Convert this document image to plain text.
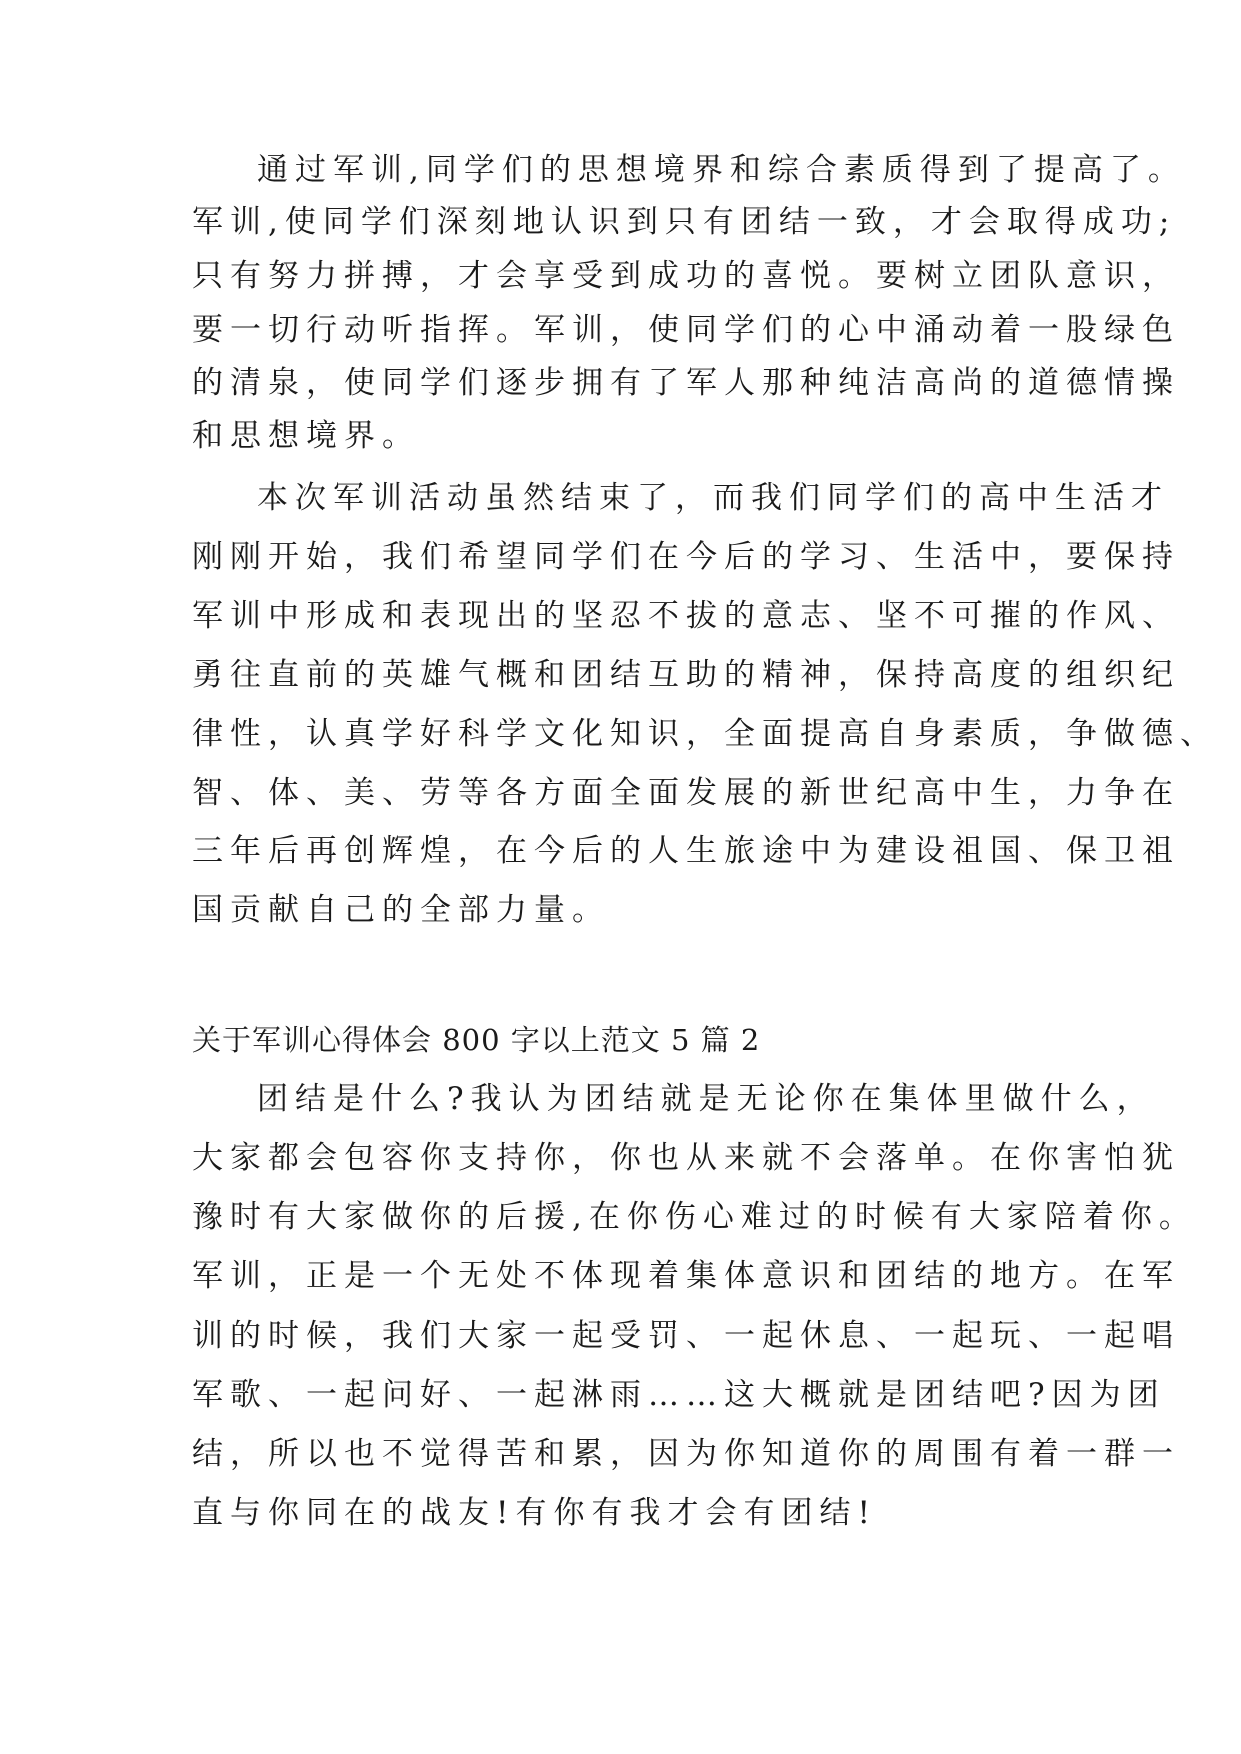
通过军训,同学们的思想境界和综合素质得到了提高了。
军训,使同学们深刻地认识到只有团结一致，才会取得成功;
只有努力拼搏，才会享受到成功的喜悦。要树立团队意识，
要一切行动听指挥。军训，使同学们的心中涌动着一股绿色
的清泉，使同学们逐步拥有了军人那种纯洁高尚的道德情操
和思想境界。
本次军训活动虽然结束了，而我们同学们的高中生活才
刚刚开始，我们希望同学们在今后的学习、生活中，要保持
军训中形成和表现出的坚忍不拔的意志、坚不可摧的作风、
勇往直前的英雄气概和团结互助的精神，保持高度的组织纪
律性，认真学好科学文化知识，全面提高自身素质，争做德、
智、体、美、劳等各方面全面发展的新世纪高中生，力争在
三年后再创辉煌，在今后的人生旅途中为建设祖国、保卫祖
国贡献自己的全部力量。
关于军训心得体会 800 字以上范文 5 篇 2
团结是什么?我认为团结就是无论你在集体里做什么，
大家都会包容你支持你，你也从来就不会落单。在你害怕犹
豫时有大家做你的后援,在你伤心难过的时候有大家陪着你。
军训，正是一个无处不体现着集体意识和团结的地方。在军
训的时候，我们大家一起受罚、一起休息、一起玩、一起唱
军歌、一起问好、一起淋雨……这大概就是团结吧?因为团
结，所以也不觉得苦和累，因为你知道你的周围有着一群一
直与你同在的战友!有你有我才会有团结!
